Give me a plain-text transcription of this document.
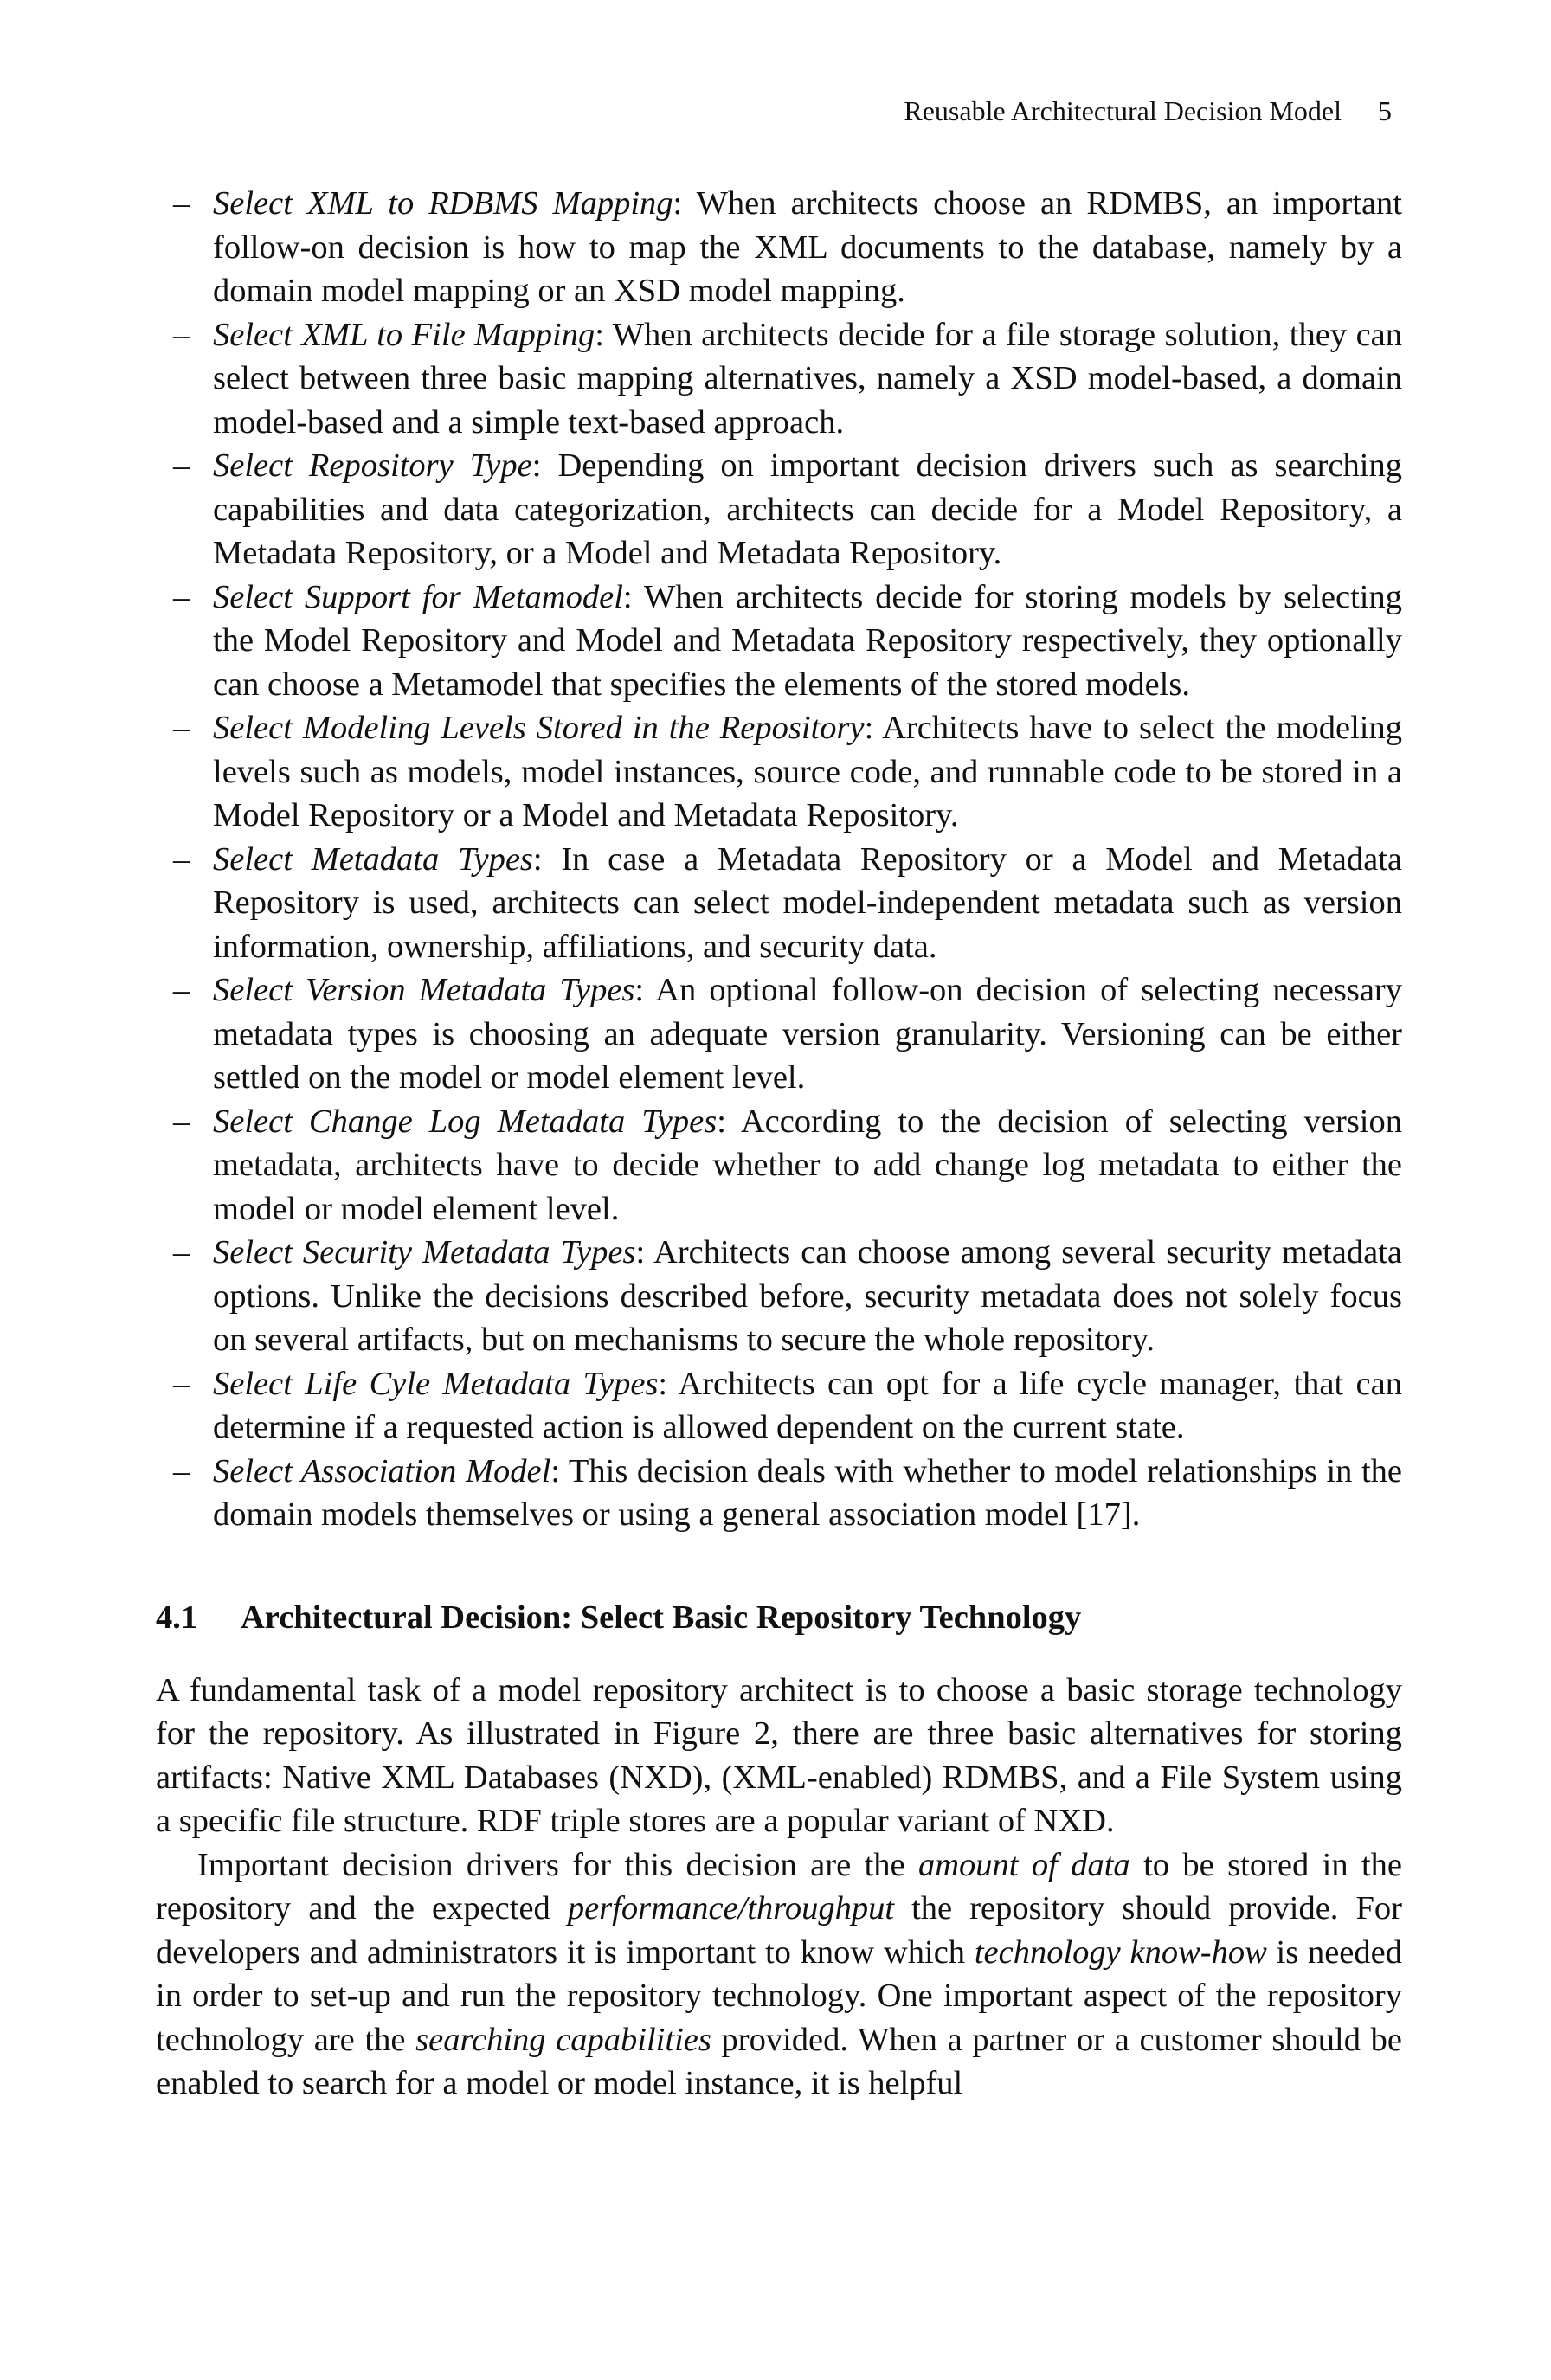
Reusable Architectural Decision Model 5
– Select XML to RDBMS Mapping: When architects choose an RDMBS, an important follow-on decision is how to map the XML documents to the database, namely by a domain model mapping or an XSD model mapping.
– Select XML to File Mapping: When architects decide for a file storage solution, they can select between three basic mapping alternatives, namely a XSD model-based, a domain model-based and a simple text-based approach.
– Select Repository Type: Depending on important decision drivers such as searching capabilities and data categorization, architects can decide for a Model Repository, a Metadata Repository, or a Model and Metadata Repository.
– Select Support for Metamodel: When architects decide for storing models by selecting the Model Repository and Model and Metadata Repository respectively, they optionally can choose a Metamodel that specifies the elements of the stored models.
– Select Modeling Levels Stored in the Repository: Architects have to select the modeling levels such as models, model instances, source code, and runnable code to be stored in a Model Repository or a Model and Metadata Repository.
– Select Metadata Types: In case a Metadata Repository or a Model and Metadata Repository is used, architects can select model-independent metadata such as version information, ownership, affiliations, and security data.
– Select Version Metadata Types: An optional follow-on decision of selecting necessary metadata types is choosing an adequate version granularity. Versioning can be either settled on the model or model element level.
– Select Change Log Metadata Types: According to the decision of selecting version metadata, architects have to decide whether to add change log metadata to either the model or model element level.
– Select Security Metadata Types: Architects can choose among several security metadata options. Unlike the decisions described before, security metadata does not solely focus on several artifacts, but on mechanisms to secure the whole repository.
– Select Life Cyle Metadata Types: Architects can opt for a life cycle manager, that can determine if a requested action is allowed dependent on the current state.
– Select Association Model: This decision deals with whether to model relationships in the domain models themselves or using a general association model [17].
4.1 Architectural Decision: Select Basic Repository Technology

A fundamental task of a model repository architect is to choose a basic storage technology for the repository. As illustrated in Figure 2, there are three basic alternatives for storing artifacts: Native XML Databases (NXD), (XML-enabled) RDMBS, and a File System using a specific file structure. RDF triple stores are a popular variant of NXD.

Important decision drivers for this decision are the amount of data to be stored in the repository and the expected performance/throughput the repository should provide. For developers and administrators it is important to know which technology know-how is needed in order to set-up and run the repository technology. One important aspect of the repository technology are the searching capabilities provided. When a partner or a customer should be enabled to search for a model or model instance, it is helpful
